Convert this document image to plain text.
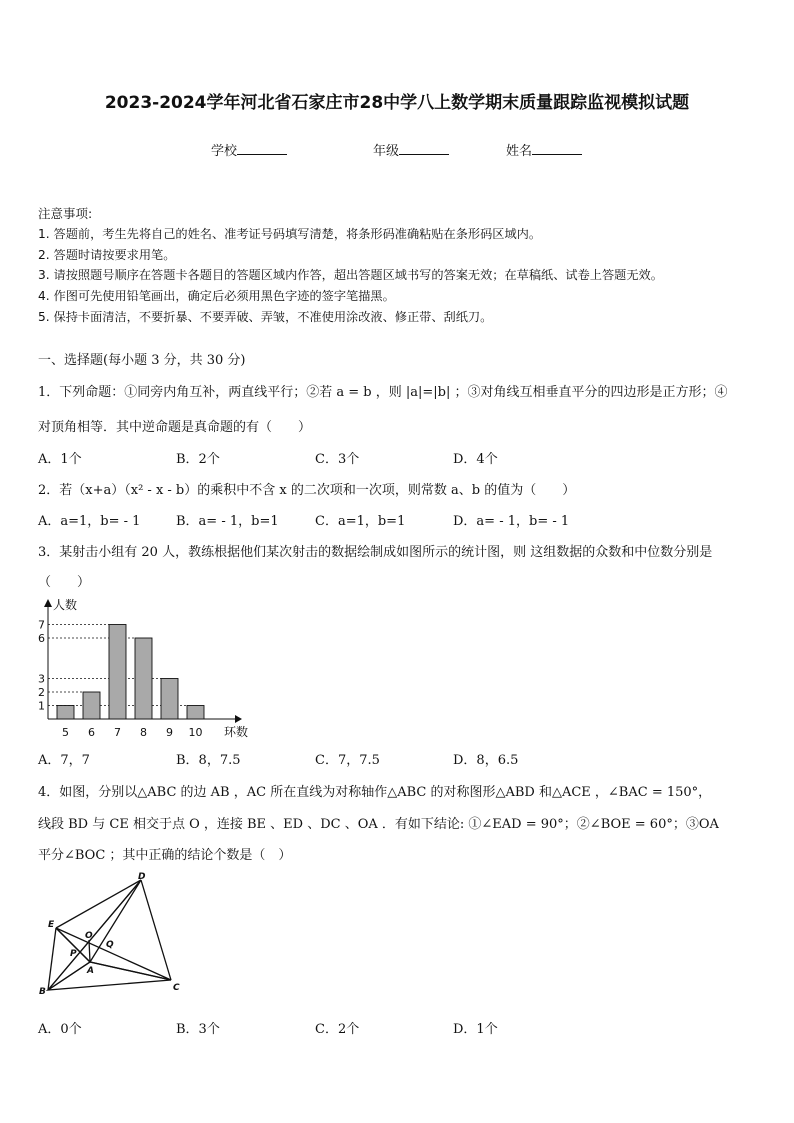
2023-2024学年河北省石家庄市28中学八上数学期末质量跟踪监视模拟试题
学校	年级	姓名
注意事项:
1. 答题前，考生先将自己的姓名、准考证号码填写清楚，将条形码准确粘贴在条形码区域内。
2. 答题时请按要求用笔。
3. 请按照题号顺序在答题卡各题目的答题区域内作答，超出答题区域书写的答案无效；在草稿纸、试卷上答题无效。
4. 作图可先使用铅笔画出，确定后必须用黑色字迹的签字笔描黑。
5. 保持卡面清洁，不要折暴、不要弄破、弄皱，不准使用涂改液、修正带、刮纸刀。
一、选择题(每小题 3 分，共 30 分)
1．下列命题：①同旁内角互补，两直线平行；②若 a = b ，则 |a|=|b| ；③对角线互相垂直平分的四边形是正方形；④
对顶角相等．其中逆命题是真命题的有（　　）
A．1个	B．2个	C．3个	D．4个
2．若（x+a）（x² - x - b）的乘积中不含 x 的二次项和一次项，则常数 a、b 的值为（　　）
A．a=1，b= - 1	B．a= - 1，b=1	C．a=1，b=1	D．a= - 1，b= - 1
3．某射击小组有 20 人，教练根据他们某次射击的数据绘制成如图所示的统计图，则 这组数据的众数和中位数分别是
（　　）
人数
环数
1
2
3
6
7
5 6 7 8 9 10
A．7，7	B．8，7.5	C．7，7.5	D．8，6.5
4．如图，分别以△ABC 的边 AB ，AC 所在直线为对称轴作△ABC 的对称图形△ABD 和△ACE ，∠BAC = 150°，
线段 BD 与 CE 相交于点 O ，连接 BE 、ED 、DC 、OA ．有如下结论: ①∠EAD = 90°；②∠BOE = 60°；③OA
平分∠BOC ；其中正确的结论个数是（　）
D
E
O
Q
P
A
B	C
A．0个	B．3个	C．2个	D．1个
